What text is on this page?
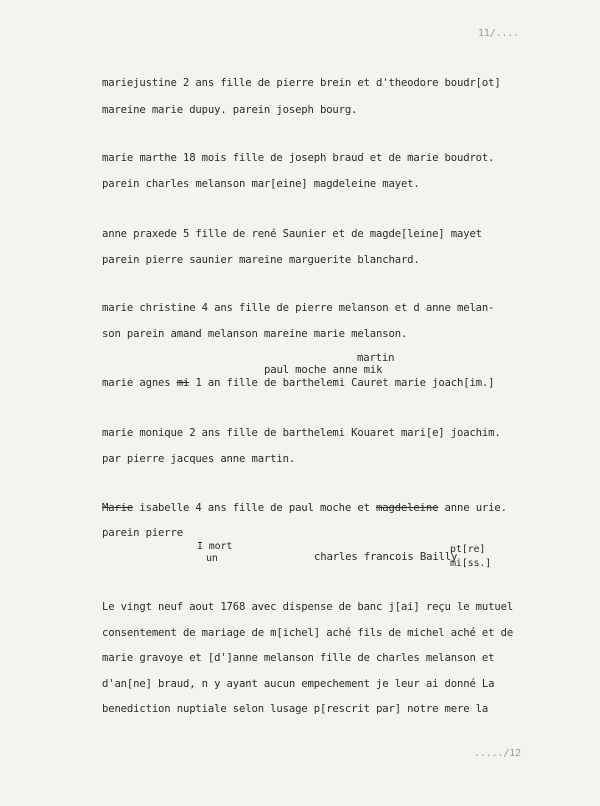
11/....
mariejustine 2 ans fille de pierre brein et d'theodore boudr[ot]
mareine marie dupuy. parein joseph bourg.
marie marthe 18 mois fille de joseph braud et de marie boudrot.
parein charles melanson mar[eine] magdeleine mayet.
anne praxede 5 fille de rené Saunier et de magde[leine] mayet
parein pierre saunier mareine marguerite blanchard.
marie christine 4 ans fille de pierre melanson et d anne melan-
son parein amand melanson mareine marie melanson.
martin
paul moche anne mik
marie agnes mi 1 an fille de barthelemi Cauret marie joach[im.]
marie monique 2 ans fille de barthelemi Kouaret mari[e] joachim.
par pierre jacques anne martin.
Marie isabelle 4 ans fille de paul moche et magdeleine anne urie.
parein pierre
I mort
un	charles francois Bailly
pt[re]
mi[ss.]
Le vingt neuf aout 1768 avec dispense de banc j[ai] reçu le mutuel
consentement de mariage de m[ichel] aché fils de michel aché et de
marie gravoye et [d']anne melanson fille de charles melanson et
d'an[ne] braud, n y ayant aucun empechement je leur ai donné La
benediction nuptiale selon lusage p[rescrit par] notre mere la
...../12
